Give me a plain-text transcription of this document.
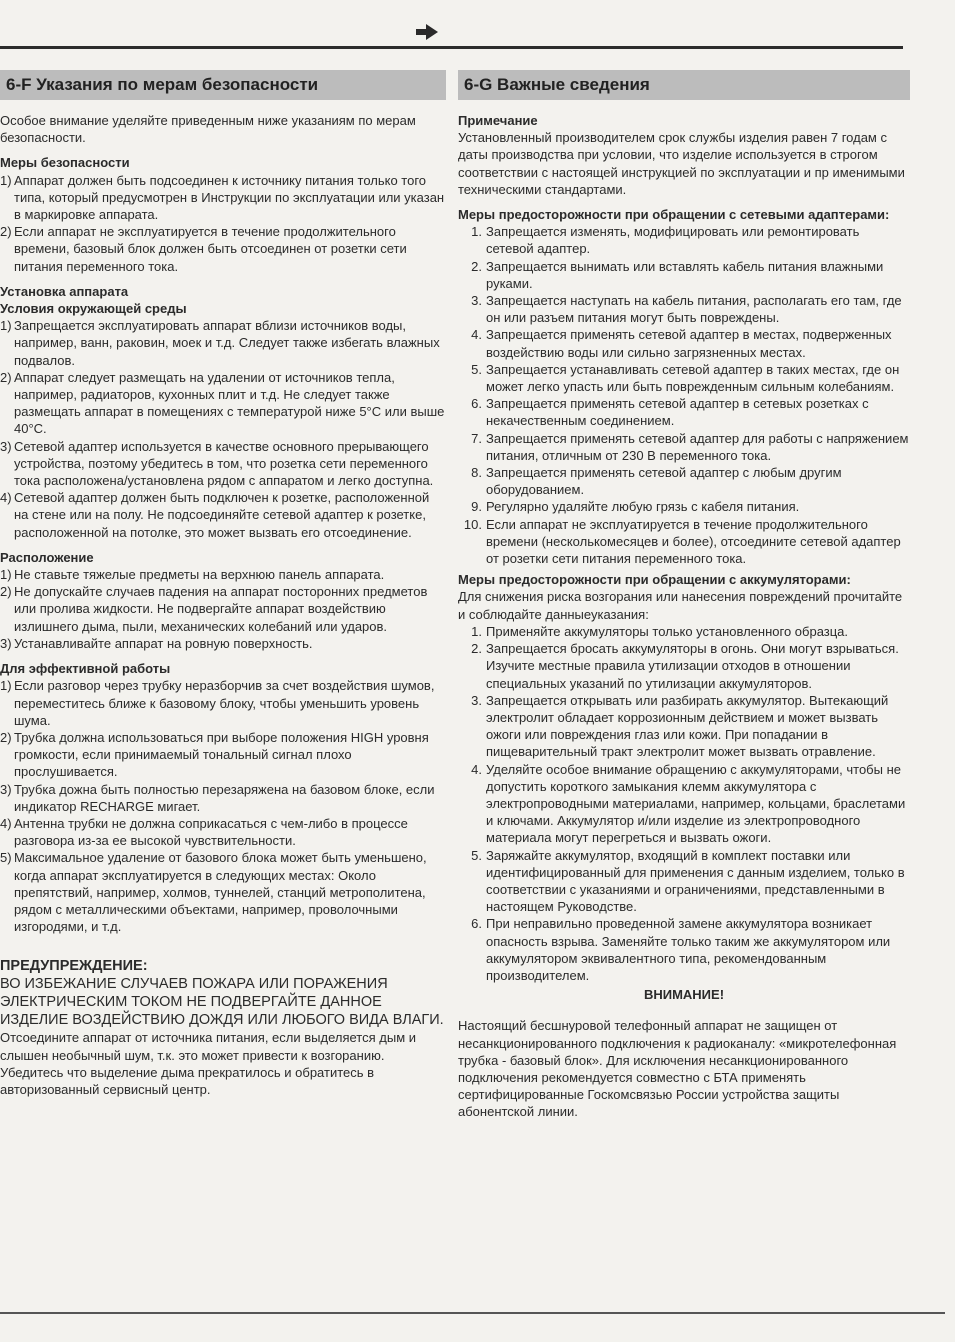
6-F Указания по мерам безопасности

Особое внимание уделяйте приведенным ниже указаниям по мерам безопасности.

Меры безопасности
1) Аппарат должен быть подсоединен к источнику питания только того типа, который предусмотрен в Инструкции по эксплуатации или указан в маркировке аппарата.
2) Если аппарат не эксплуатируется в течение продолжительного времени, базовый блок должен быть отсоединен от розетки сети питания переменного тока.
Установка аппарата
Условия окружающей среды
1) Запрещается эксплуатировать аппарат вблизи источников воды, например, ванн, раковин, моек и т.д. Следует также избегать влажных подвалов.
2) Аппарат следует размещать на удалении от источников тепла, например, радиаторов, кухонных плит и т.д. Не следует также размещать аппарат в помещениях с температурой ниже 5°С или выше 40°С.
3) Сетевой адаптер используется в качестве основного прерывающего устройства, поэтому убедитесь в том, что розетка сети переменного тока расположена/установлена рядом с аппаратом и легко доступна.
4) Сетевой адаптер должен быть подключен к розетке, расположенной на стене или на полу. Не подсоединяйте сетевой адаптер к розетке, расположенной на потолке, это может вызвать его отсоединение.
Расположение
1) Не ставьте тяжелые предметы на верхнюю панель аппарата.
2) Не допускайте случаев падения на аппарат посторонних предметов или пролива жидкости. Не подвергайте аппарат воздействию излишнего дыма, пыли, механических колебаний или ударов.
3) Устанавливайте аппарат на ровную поверхность.
Для эффективной работы
1) Если разговор через трубку неразборчив за счет воздействия шумов, переместитесь ближе к базовому блоку, чтобы уменьшить уровень шума.
2) Трубка должна использоваться при выборе положения HIGH уровня громкости, если принимаемый тональный сигнал плохо прослушивается.
3) Трубка дожна быть полностью перезаряжена на базовом блоке, если индикатор RECHARGE мигает.
4) Антенна трубки не должна соприкасаться с чем-либо в процессе разговора из-за ее высокой чувствительности.
5) Максимальное удаление от базового блока может быть уменьшено, когда аппарат эксплуатируется в следующих местах: Около препятствий, например, холмов, туннелей, станций метрополитена, рядом с металлическими объектами, например, проволочными изгородями, и т.д.
ПРЕДУПРЕЖДЕНИЕ:
ВО ИЗБЕЖАНИЕ СЛУЧАЕВ ПОЖАРА ИЛИ ПОРАЖЕНИЯ ЭЛЕКТРИЧЕСКИМ ТОКОМ НЕ ПОДВЕРГАЙТЕ ДАННОЕ ИЗДЕЛИЕ ВОЗДЕЙСТВИЮ ДОЖДЯ ИЛИ ЛЮБОГО ВИДА ВЛАГИ.

Отсоедините аппарат от источника питания, если выделяется дым и слышен необычный шум, т.к. это может привести к возгоранию. Убедитесь что выделение дыма прекратилось и обратитесь в авторизованный сервисный центр.

6-G Важные сведения
Примечание

Установленный производителем срок службы изделия равен 7 годам с даты производства при условии, что изделие используется в строгом соответствии с настоящей инструкцией по эксплуатации и пр именимыми техническими стандартами.

Меры предосторожности при обращении с сетевыми адаптерами:
1. Запрещается изменять, модифицировать или ремонтировать сетевой адаптер.
2. Запрещается вынимать или вставлять кабель питания влажными руками.
3. Запрещается наступать на кабель питания, располагать его там, где он или разъем питания могут быть повреждены.
4. Запрещается применять сетевой адаптер в местах, подверженных воздействию воды или сильно загрязненных местах.
5. Запрещается устанавливать сетевой адаптер в таких местах, где он может легко упасть или быть поврежденным сильным колебаниям.
6. Запрещается применять сетевой адаптер в сетевых розетках с некачественным соединением.
7. Запрещается применять сетевой адаптер для работы с напряжением питания, отличным от 230 В переменного тока.
8. Запрещается применять сетевой адаптер с любым другим оборудованием.
9. Регулярно удаляйте любую грязь с кабеля питания.
10. Если аппарат не эксплуатируется в течение продолжительного времени (несколькомесяцев и более), отсоедините сетевой адаптер от розетки сети питания переменного тока.
Меры предосторожности при обращении с аккумуляторами:

Для снижения риска возгорания или нанесения повреждений прочитайте и соблюдайте данныеуказания:

1. Применяйте аккумуляторы только установленного образца.
2. Запрещается бросать аккумуляторы в огонь. Они могут взрываться. Изучите местные правила утилизации отходов в отношении специальных указаний по утилизации аккумуляторов.
3. Запрещается открывать или разбирать аккумулятор. Вытекающий электролит обладает коррозионным действием и может вызвать ожоги или повреждения глаз или кожи. При попадании в пищеварительный тракт электролит может вызвать отравление.
4. Уделяйте особое внимание обращению с аккумуляторами, чтобы не допустить короткого замыкания клемм аккумулятора с электропроводными материалами, например, кольцами, браслетами и ключами. Аккумулятор и/или изделие из электропроводного материала могут перегреться и вызвать ожоги.
5. Заряжайте аккумулятор, входящий в комплект поставки или идентифицированный для применения с данным изделием, только в соответствии с указаниями и ограничениями, представленными в настоящем Руководстве.
6. При неправильно проведенной замене аккумулятора возникает опасность взрыва. Заменяйте только таким же аккумулятором или аккумулятором эквивалентного типа, рекомендованным производителем.
ВНИМАНИЕ!

Настоящий бесшнуровой телефонный аппарат не защищен от несанкционированного подключения к радиоканалу: «микротелефонная трубка - базовый блок». Для исключения несанкционированного подключения рекомендуется совместно с БТА применять сертифицированные Госкомсвязью России устройства защиты абонентской линии.
